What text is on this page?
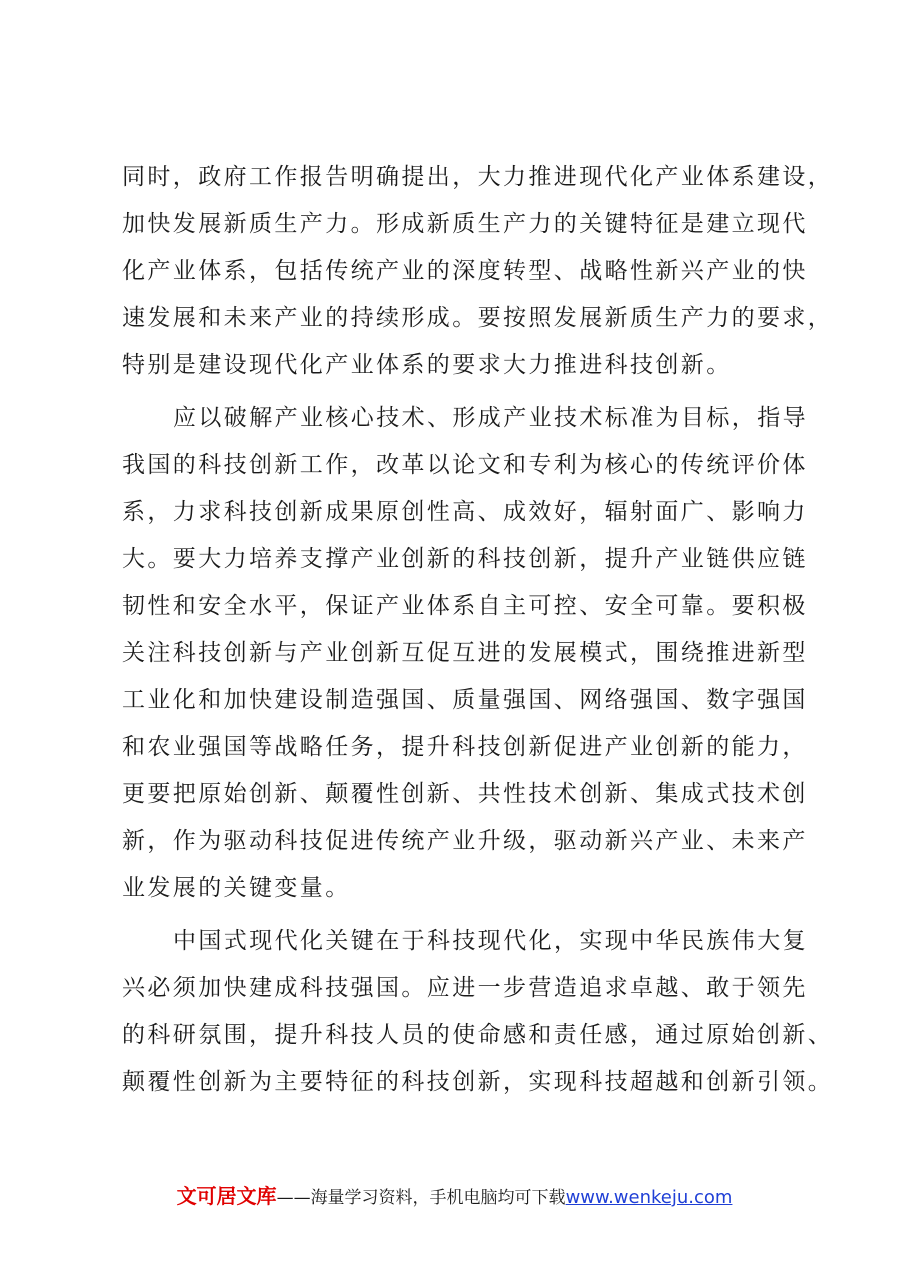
同时，政府工作报告明确提出，大力推进现代化产业体系建设，
加快发展新质生产力。形成新质生产力的关键特征是建立现代
化产业体系，包括传统产业的深度转型、战略性新兴产业的快
速发展和未来产业的持续形成。要按照发展新质生产力的要求，
特别是建设现代化产业体系的要求大力推进科技创新。

应以破解产业核心技术、形成产业技术标准为目标，指导
我国的科技创新工作，改革以论文和专利为核心的传统评价体
系，力求科技创新成果原创性高、成效好，辐射面广、影响力
大。要大力培养支撑产业创新的科技创新，提升产业链供应链
韧性和安全水平，保证产业体系自主可控、安全可靠。要积极
关注科技创新与产业创新互促互进的发展模式，围绕推进新型
工业化和加快建设制造强国、质量强国、网络强国、数字强国
和农业强国等战略任务，提升科技创新促进产业创新的能力，
更要把原始创新、颠覆性创新、共性技术创新、集成式技术创
新，作为驱动科技促进传统产业升级，驱动新兴产业、未来产
业发展的关键变量。

中国式现代化关键在于科技现代化，实现中华民族伟大复
兴必须加快建成科技强国。应进一步营造追求卓越、敢于领先
的科研氛围，提升科技人员的使命感和责任感，通过原始创新、
颠覆性创新为主要特征的科技创新，实现科技超越和创新引领。

文可居文库——海量学习资料，手机电脑均可下载www.wenkeju.com
